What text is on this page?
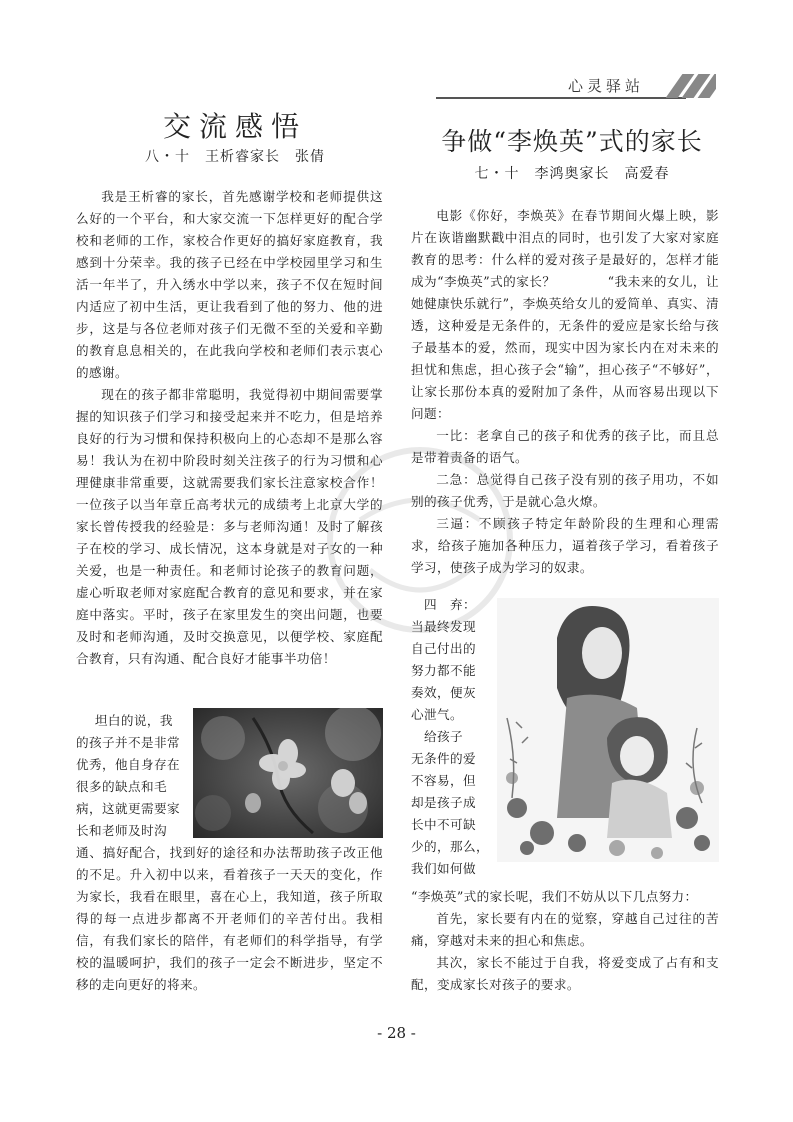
心灵驿站
交流感悟
八・十　王析睿家长　张倩

我是王析睿的家长，首先感谢学校和老师提供这么好的一个平台，和大家交流一下怎样更好的配合学校和老师的工作，家校合作更好的搞好家庭教育，我感到十分荣幸。我的孩子已经在中学校园里学习和生活一年半了，升入绣水中学以来，孩子不仅在短时间内适应了初中生活，更让我看到了他的努力、他的进步，这是与各位老师对孩子们无微不至的关爱和辛勤的教育息息相关的，在此我向学校和老师们表示衷心的感谢。

现在的孩子都非常聪明，我觉得初中期间需要掌握的知识孩子们学习和接受起来并不吃力，但是培养良好的行为习惯和保持积极向上的心态却不是那么容易！我认为在初中阶段时刻关注孩子的行为习惯和心理健康非常重要，这就需要我们家长注意家校合作！一位孩子以当年章丘高考状元的成绩考上北京大学的家长曾传授我的经验是：多与老师沟通！及时了解孩子在校的学习、成长情况，这本身就是对子女的一种关爱，也是一种责任。和老师讨论孩子的教育问题，虚心听取老师对家庭配合教育的意见和要求，并在家庭中落实。平时，孩子在家里发生的突出问题，也要及时和老师沟通，及时交换意见，以便学校、家庭配合教育，只有沟通、配合良好才能事半功倍！

坦白的说，我

的孩子并不是非常

优秀，他自身存在

很多的缺点和毛

病，这就更需要家

长和老师及时沟

通、搞好配合，找到好的途径和办法帮助孩子改正他的不足。升入初中以来，看着孩子一天天的变化，作为家长，我看在眼里，喜在心上，我知道，孩子所取得的每一点进步都离不开老师们的辛苦付出。我相信，有我们家长的陪伴，有老师们的科学指导，有学校的温暖呵护，我们的孩子一定会不断进步，坚定不移的走向更好的将来。

争做“李焕英”式的家长
七・十　李鸿奥家长　高爱春

电影《你好，李焕英》在春节期间火爆上映，影片在诙谐幽默戳中泪点的同时，也引发了大家对家庭教育的思考：什么样的爱对孩子是最好的，怎样才能成为“李焕英”式的家长？　　　　“我未来的女儿，让她健康快乐就行”，李焕英给女儿的爱简单、真实、清透，这种爱是无条件的，无条件的爱应是家长给与孩子最基本的爱，然而，现实中因为家长内在对未来的担忧和焦虑，担心孩子会“输”，担心孩子“不够好”，让家长那份本真的爱附加了条件，从而容易出现以下问题：

一比：老拿自己的孩子和优秀的孩子比，而且总是带着责备的语气。

二急：总觉得自己孩子没有别的孩子用功，不如别的孩子优秀，于是就心急火燎。

三逼：不顾孩子特定年龄阶段的生理和心理需求，给孩子施加各种压力，逼着孩子学习，看着孩子学习，使孩子成为学习的奴隶。

　四　弃：

当最终发现

自己付出的

努力都不能

奏效，便灰

心泄气。

　给孩子

无条件的爱

不容易，但

却是孩子成

长中不可缺

少的，那么，

我们如何做

“李焕英”式的家长呢，我们不妨从以下几点努力：

首先，家长要有内在的觉察，穿越自己过往的苦痛，穿越对未来的担心和焦虑。

其次，家长不能过于自我，将爱变成了占有和支配，变成家长对孩子的要求。

- 28 -
